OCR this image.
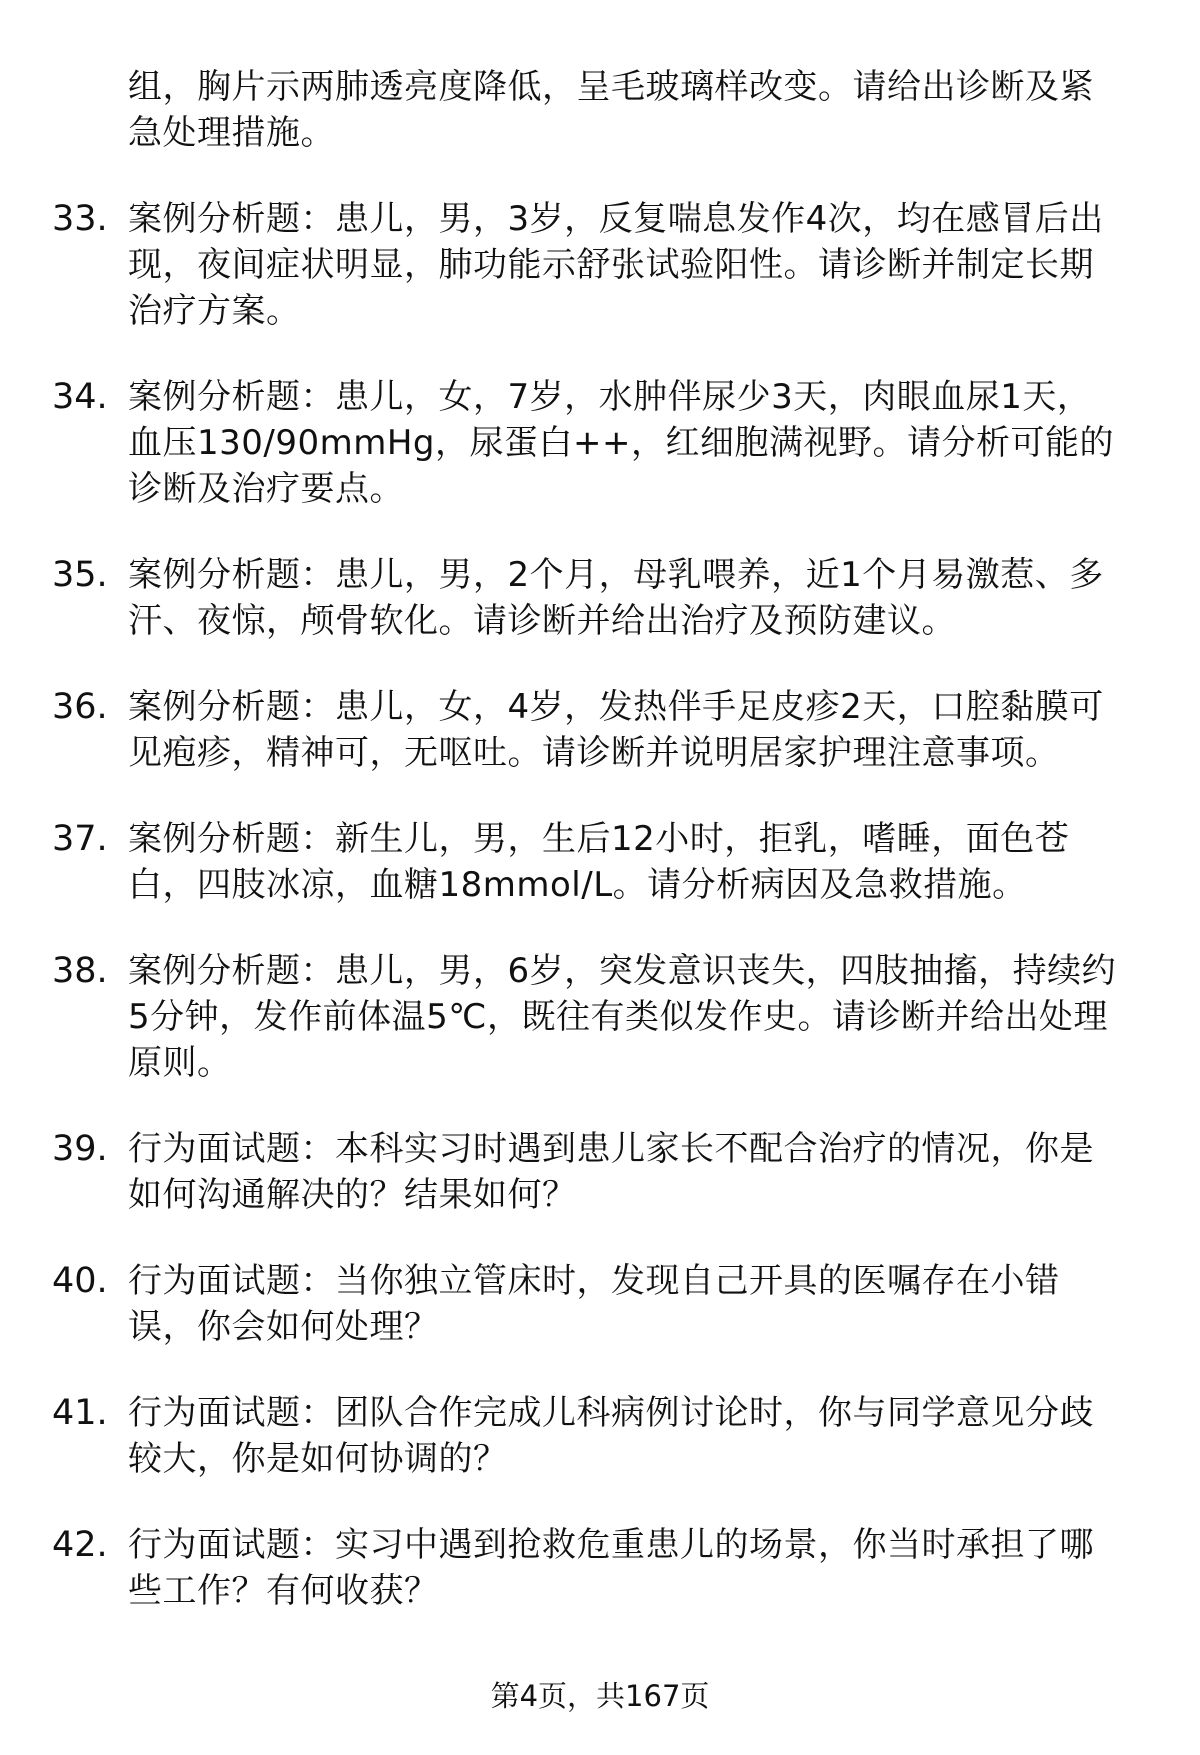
组，胸片示两肺透亮度降低，呈毛玻璃样改变。请给出诊断及紧
急处理措施。
33. 案例分析题：患儿，男，3岁，反复喘息发作4次，均在感冒后出
现，夜间症状明显，肺功能示舒张试验阳性。请诊断并制定长期
治疗方案。
34. 案例分析题：患儿，女，7岁，水肿伴尿少3天，肉眼血尿1天，
血压130/90mmHg，尿蛋白++，红细胞满视野。请分析可能的
诊断及治疗要点。
35. 案例分析题：患儿，男，2个月，母乳喂养，近1个月易激惹、多
汗、夜惊，颅骨软化。请诊断并给出治疗及预防建议。
36. 案例分析题：患儿，女，4岁，发热伴手足皮疹2天，口腔黏膜可
见疱疹，精神可，无呕吐。请诊断并说明居家护理注意事项。
37. 案例分析题：新生儿，男，生后12小时，拒乳，嗜睡，面色苍
白，四肢冰凉，血糖18mmol/L。请分析病因及急救措施。
38. 案例分析题：患儿，男，6岁，突发意识丧失，四肢抽搐，持续约
5分钟，发作前体温5℃，既往有类似发作史。请诊断并给出处理
原则。
39. 行为面试题：本科实习时遇到患儿家长不配合治疗的情况，你是
如何沟通解决的？结果如何？
40. 行为面试题：当你独立管床时，发现自己开具的医嘱存在小错
误，你会如何处理？
41. 行为面试题：团队合作完成儿科病例讨论时，你与同学意见分歧
较大，你是如何协调的？
42. 行为面试题：实习中遇到抢救危重患儿的场景，你当时承担了哪
些工作？有何收获？
第4页，共167页
